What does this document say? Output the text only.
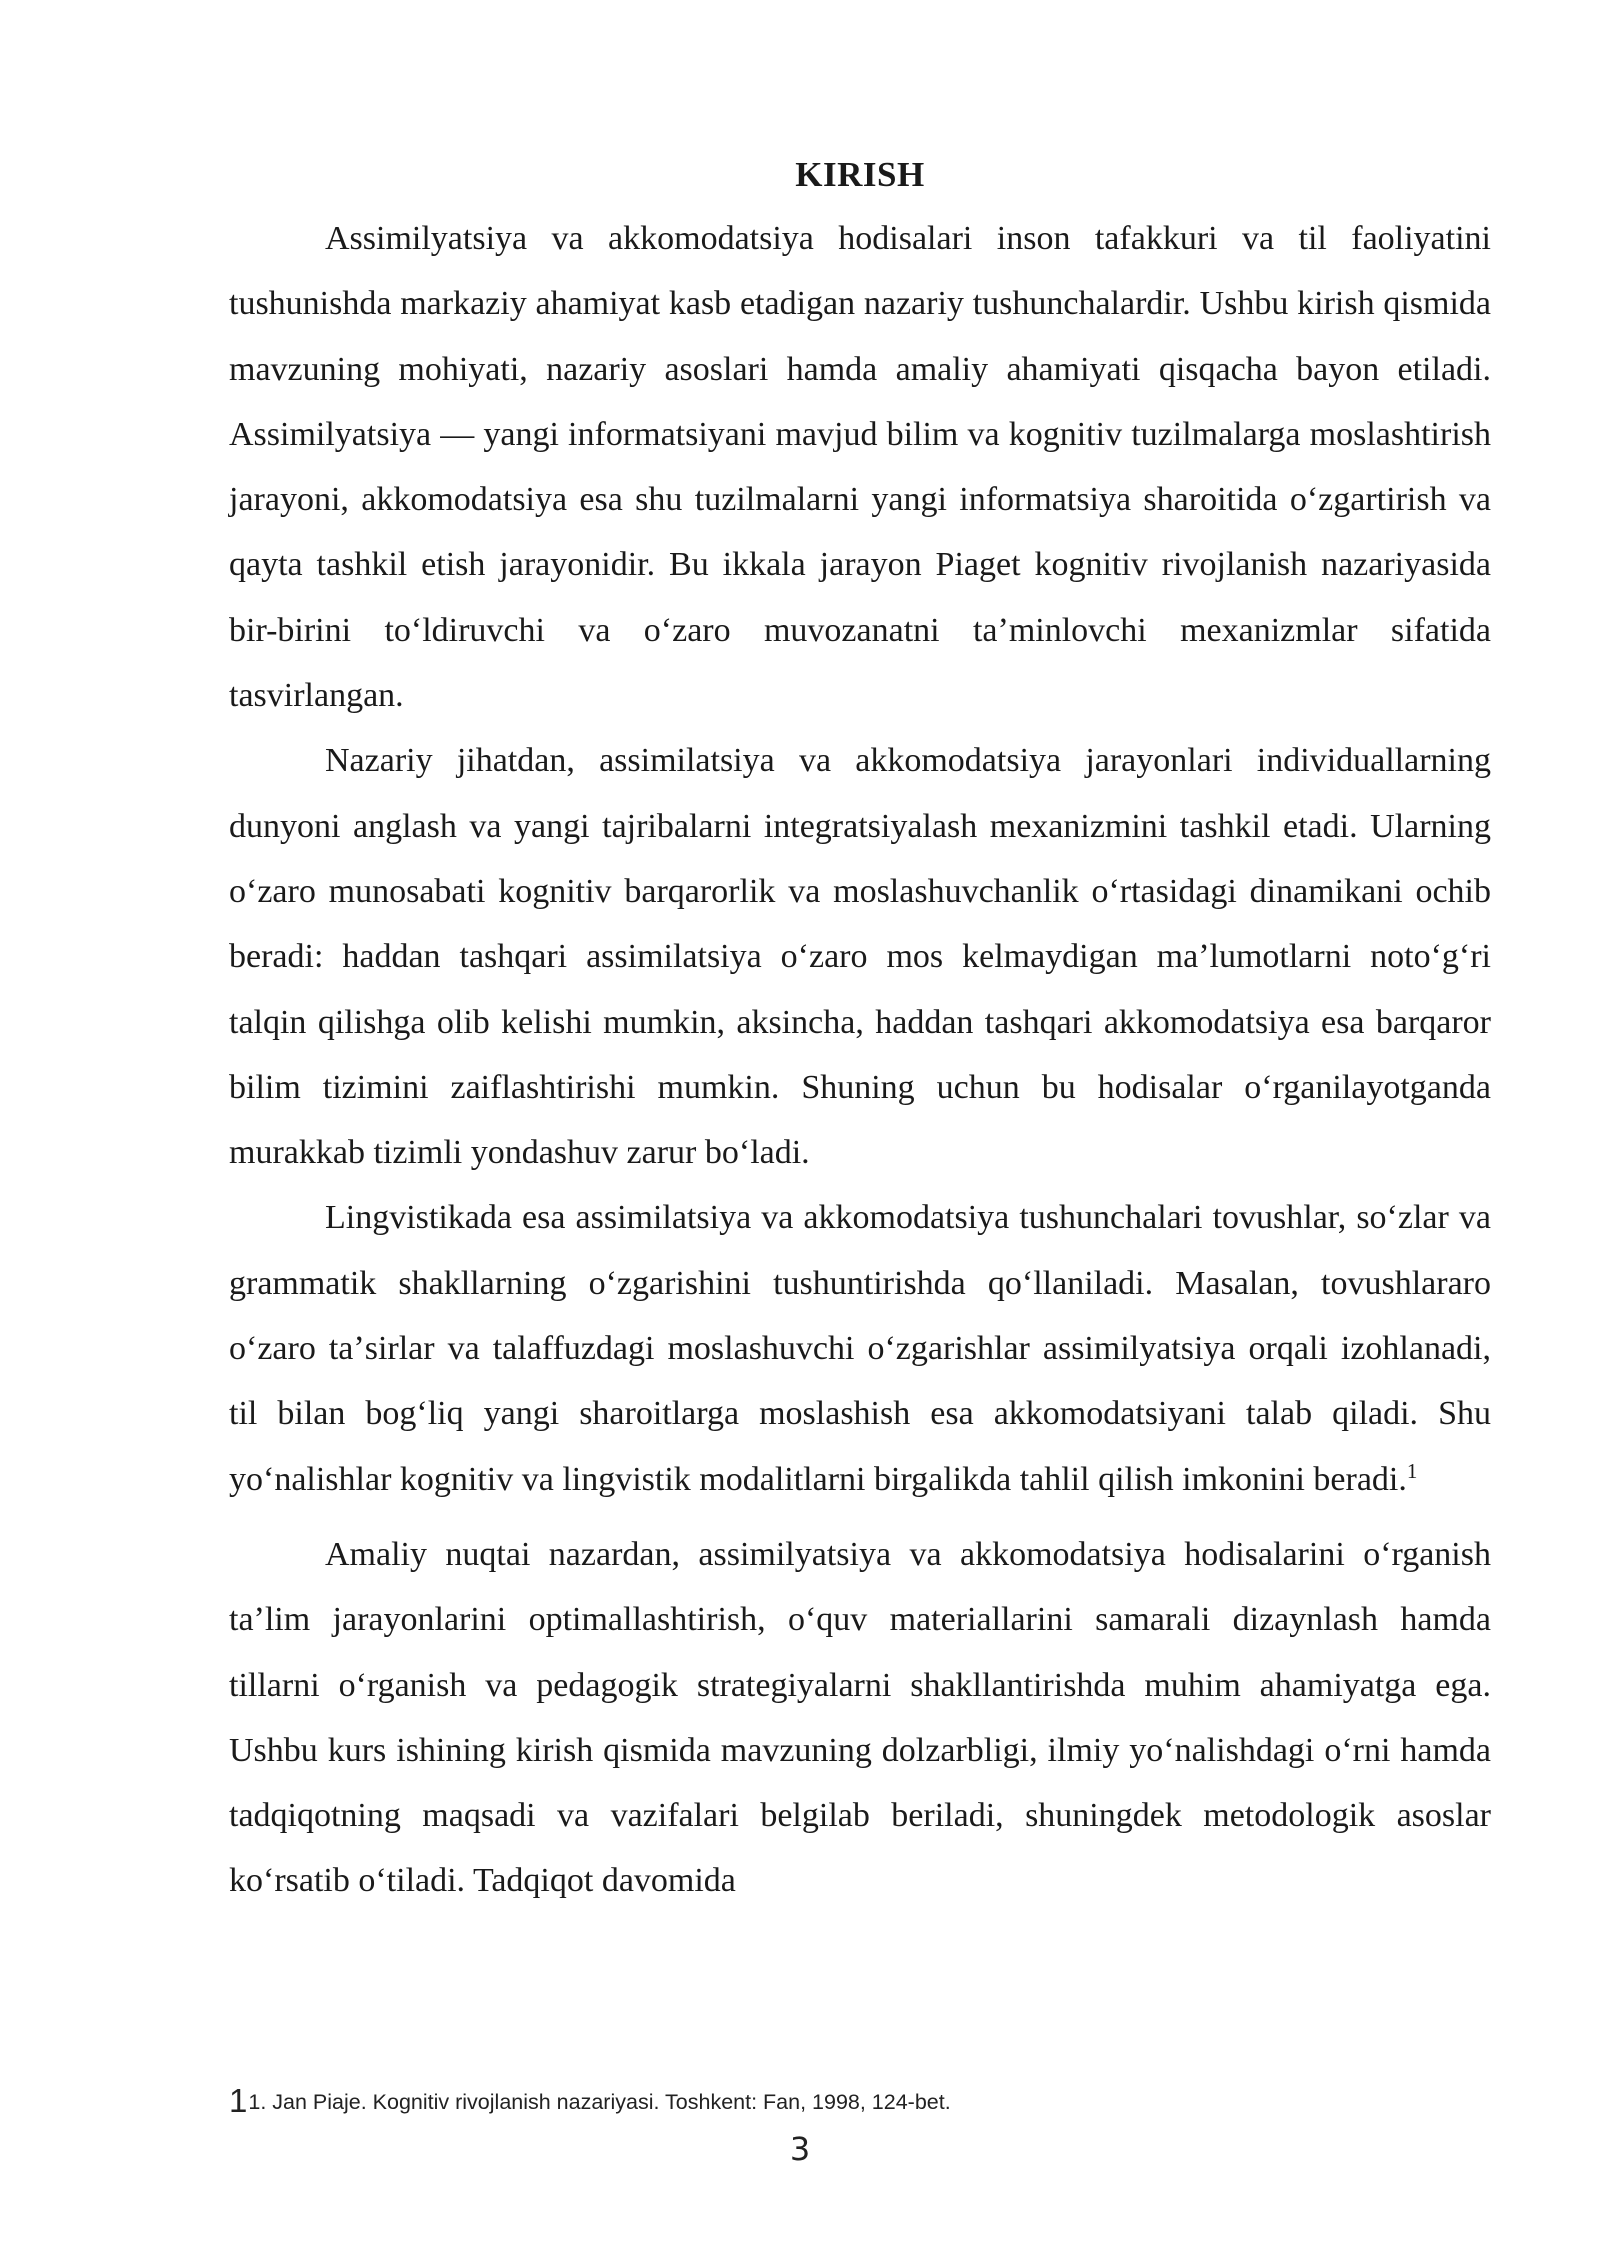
KIRISH

Assimilyatsiya va akkomodatsiya hodisalari inson tafakkuri va til faoliyatini tushunishda markaziy ahamiyat kasb etadigan nazariy tushunchalardir. Ushbu kirish qismida mavzuning mohiyati, nazariy asoslari hamda amaliy ahamiyati qisqacha bayon etiladi. Assimilyatsiya — yangi informatsiyani mavjud bilim va kognitiv tuzilmalarga moslashtirish jarayoni, akkomodatsiya esa shu tuzilmalarni yangi informatsiya sharoitida oʻzgartirish va qayta tashkil etish jarayonidir. Bu ikkala jarayon Piaget kognitiv rivojlanish nazariyasida bir-birini toʻldiruvchi va oʻzaro muvozanatni taʼminlovchi mexanizmlar sifatida tasvirlangan.

Nazariy jihatdan, assimilatsiya va akkomodatsiya jarayonlari individuallarning dunyoni anglash va yangi tajribalarni integratsiyalash mexanizmini tashkil etadi. Ularning oʻzaro munosabati kognitiv barqarorlik va moslashuvchanlik oʻrtasidagi dinamikani ochib beradi: haddan tashqari assimilatsiya oʻzaro mos kelmaydigan maʼlumotlarni notoʻgʻri talqin qilishga olib kelishi mumkin, aksincha, haddan tashqari akkomodatsiya esa barqaror bilim tizimini zaiflashtirishi mumkin. Shuning uchun bu hodisalar oʻrganilayotganda murakkab tizimli yondashuv zarur boʻladi.

Lingvistikada esa assimilatsiya va akkomodatsiya tushunchalari tovushlar, soʻzlar va grammatik shakllarning oʻzgarishini tushuntirishda qoʻllaniladi. Masalan, tovushlararo oʻzaro taʼsirlar va talaffuzdagi moslashuvchi oʻzgarishlar assimilyatsiya orqali izohlanadi, til bilan bogʻliq yangi sharoitlarga moslashish esa akkomodatsiyani talab qiladi. Shu yoʻnalishlar kognitiv va lingvistik modalitlarni birgalikda tahlil qilish imkonini beradi.$^1$

Amaliy nuqtai nazardan, assimilyatsiya va akkomodatsiya hodisalarini oʻrganish taʼlim jarayonlarini optimallashtirish, oʻquv materiallarini samarali dizaynlash hamda tillarni oʻrganish va pedagogik strategiyalarni shakllantirishda muhim ahamiyatga ega. Ushbu kurs ishining kirish qismida mavzuning dolzarbligi, ilmiy yoʻnalishdagi oʻrni hamda tadqiqotning maqsadi va vazifalari belgilab beriladi, shuningdek metodologik asoslar koʻrsatib oʻtiladi. Tadqiqot davomida

11. Jan Piaje. Kognitiv rivojlanish nazariyasi. Toshkent: Fan, 1998, 124-bet.
3
